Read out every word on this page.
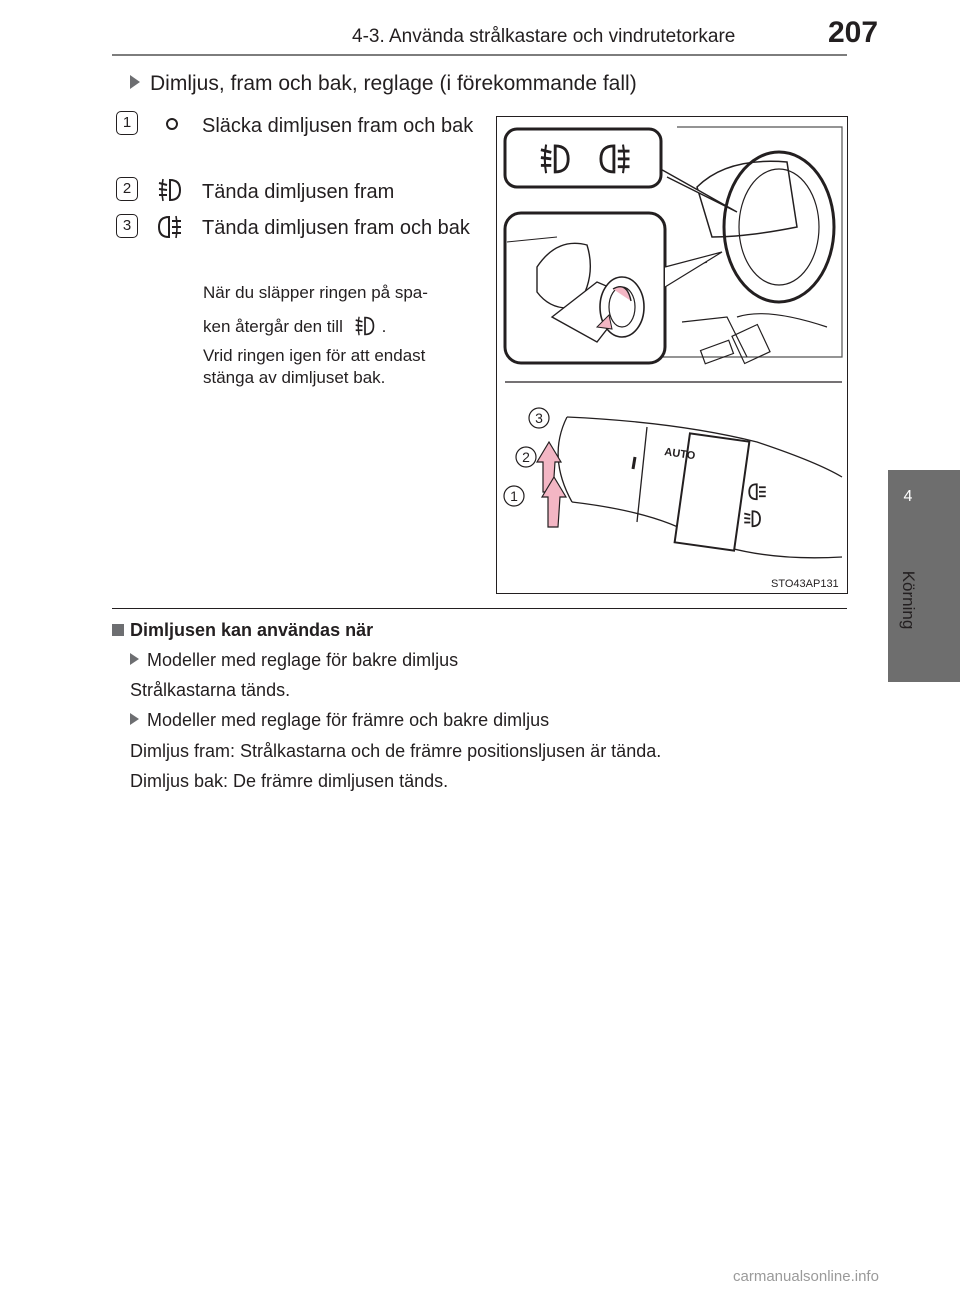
4-3. Använda strålkastare och vindrutetorkare	207
4
Körning
Dimljus, fram och bak, reglage (i förekommande fall)
1	Släcka dimljusen fram och bak
2	Tända dimljusen fram
3	Tända dimljusen fram och bak
När du släpper ringen på spa-
ken återgår den till .
Vrid ringen igen för att endast
stänga av dimljuset bak.
AUTO
3
2
1
STO43AP131
Dimljusen kan användas när
Modeller med reglage för bakre dimljus
Strålkastarna tänds.
Modeller med reglage för främre och bakre dimljus
Dimljus fram: Strålkastarna och de främre positionsljusen är tända.
Dimljus bak: De främre dimljusen tänds.
carmanualsonline.info
